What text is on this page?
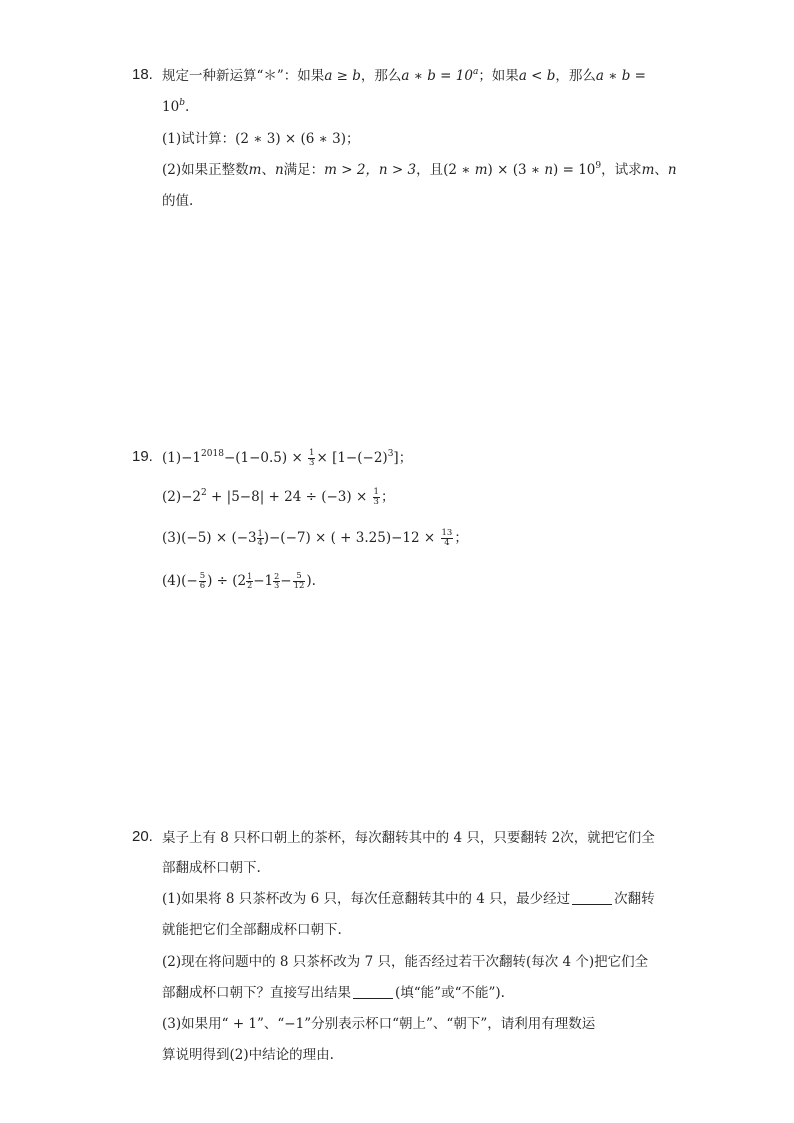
18. 规定一种新运算“＊”：如果a ≥ b，那么a ∗ $b = 10^a$；如果a < b，那么a ∗ b =
$10^b$.
(1)试计算：(2 ∗ 3) × (6 ∗ 3)；
(2)如果正整数m、n满足：m > 2，n > 3，且(2 ∗ m) × (3 ∗ $n) = 10^9$，试求m、n
的值.
19. $(1)-1^{2018}-(1-0.5) \times \frac{1}{3} \times [1-(-2)^3]$；
$(2)-2^2 + |5-8| + 24 \div (-3) \times \frac{1}{3}$ ；
$(3)(-5) \times (-3 \frac{1}{4} )-(-7)$ × ( + $3.25)-12 \times \frac{13}{4}$ ；
$(4)(- \frac{5}{6}$ ) ÷ ($2 \frac{1}{2} -1 \frac{2}{3} - \frac{5}{12}$ ).
20. 桌子上有 8 只杯口朝上的茶杯，每次翻转其中的 4 只，只要翻转 2次，就把它们全
部翻成杯口朝下.
(1)如果将 8 只茶杯改为 6 只，每次任意翻转其中的 4 只，最少经过	次翻转
就能把它们全部翻成杯口朝下.
(2)现在将问题中的 8 只茶杯改为 7 只，能否经过若干次翻转(每次 4 个)把它们全
部翻成杯口朝下？直接写出结果	(填“能”或“不能”).
(3)如果用“ + 1”、“−1”分别表示杯口“朝上”、“朝下”，请利用有理数运
算说明得到(2)中结论的理由.
